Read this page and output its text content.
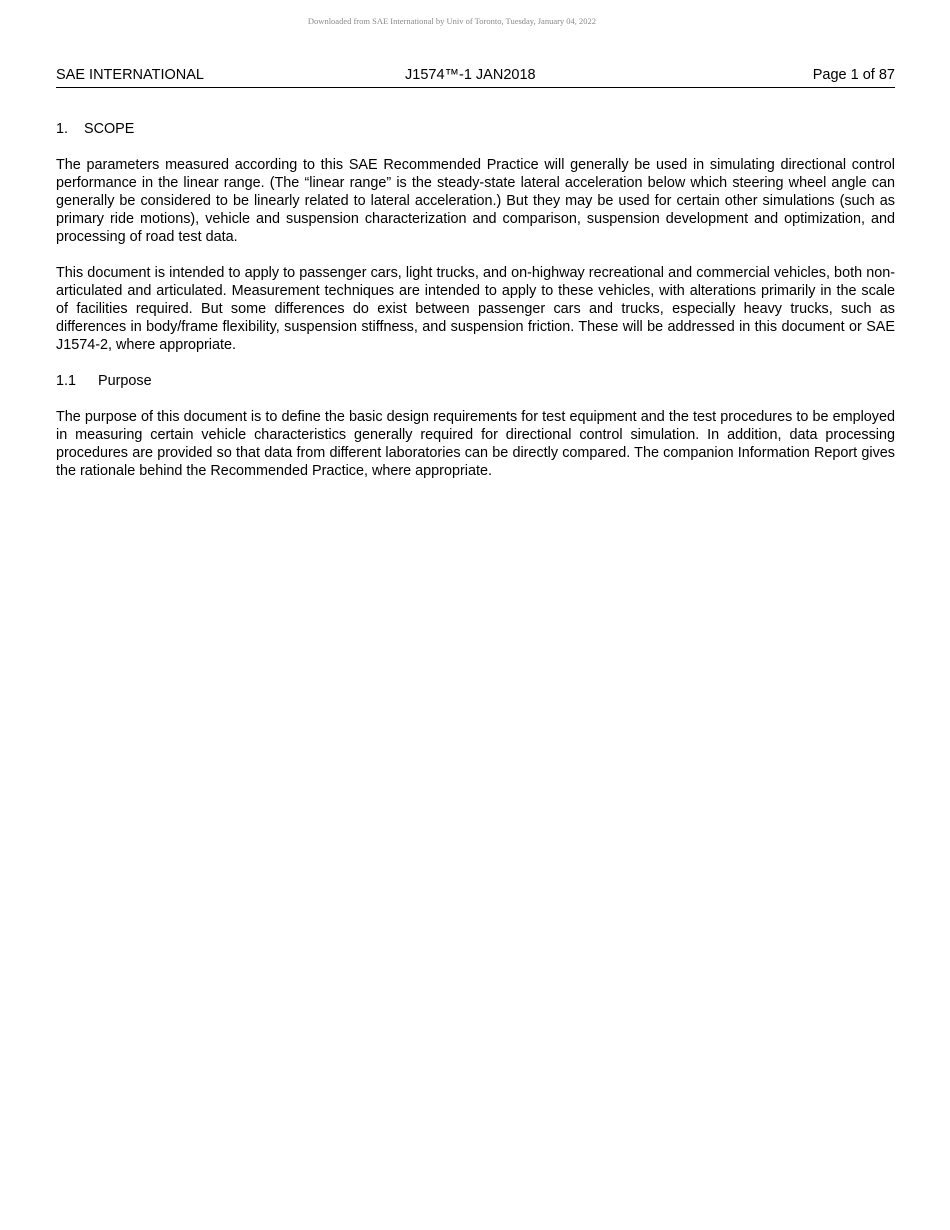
Downloaded from SAE International by Univ of Toronto, Tuesday, January 04, 2022
SAE INTERNATIONAL	J1574™-1 JAN2018	Page 1 of 87
1. SCOPE

The parameters measured according to this SAE Recommended Practice will generally be used in simulating directional control performance in the linear range. (The “linear range” is the steady-state lateral acceleration below which steering wheel angle can generally be considered to be linearly related to lateral acceleration.) But they may be used for certain other simulations (such as primary ride motions), vehicle and suspension characterization and comparison, suspension development and optimization, and processing of road test data.

This document is intended to apply to passenger cars, light trucks, and on-highway recreational and commercial vehicles, both non-articulated and articulated. Measurement techniques are intended to apply to these vehicles, with alterations primarily in the scale of facilities required. But some differences do exist between passenger cars and trucks, especially heavy trucks, such as differences in body/frame flexibility, suspension stiffness, and suspension friction. These will be addressed in this document or SAE J1574-2, where appropriate.

1.1 Purpose

The purpose of this document is to define the basic design requirements for test equipment and the test procedures to be employed in measuring certain vehicle characteristics generally required for directional control simulation. In addition, data processing procedures are provided so that data from different laboratories can be directly compared. The companion Information Report gives the rationale behind the Recommended Practice, where appropriate.
